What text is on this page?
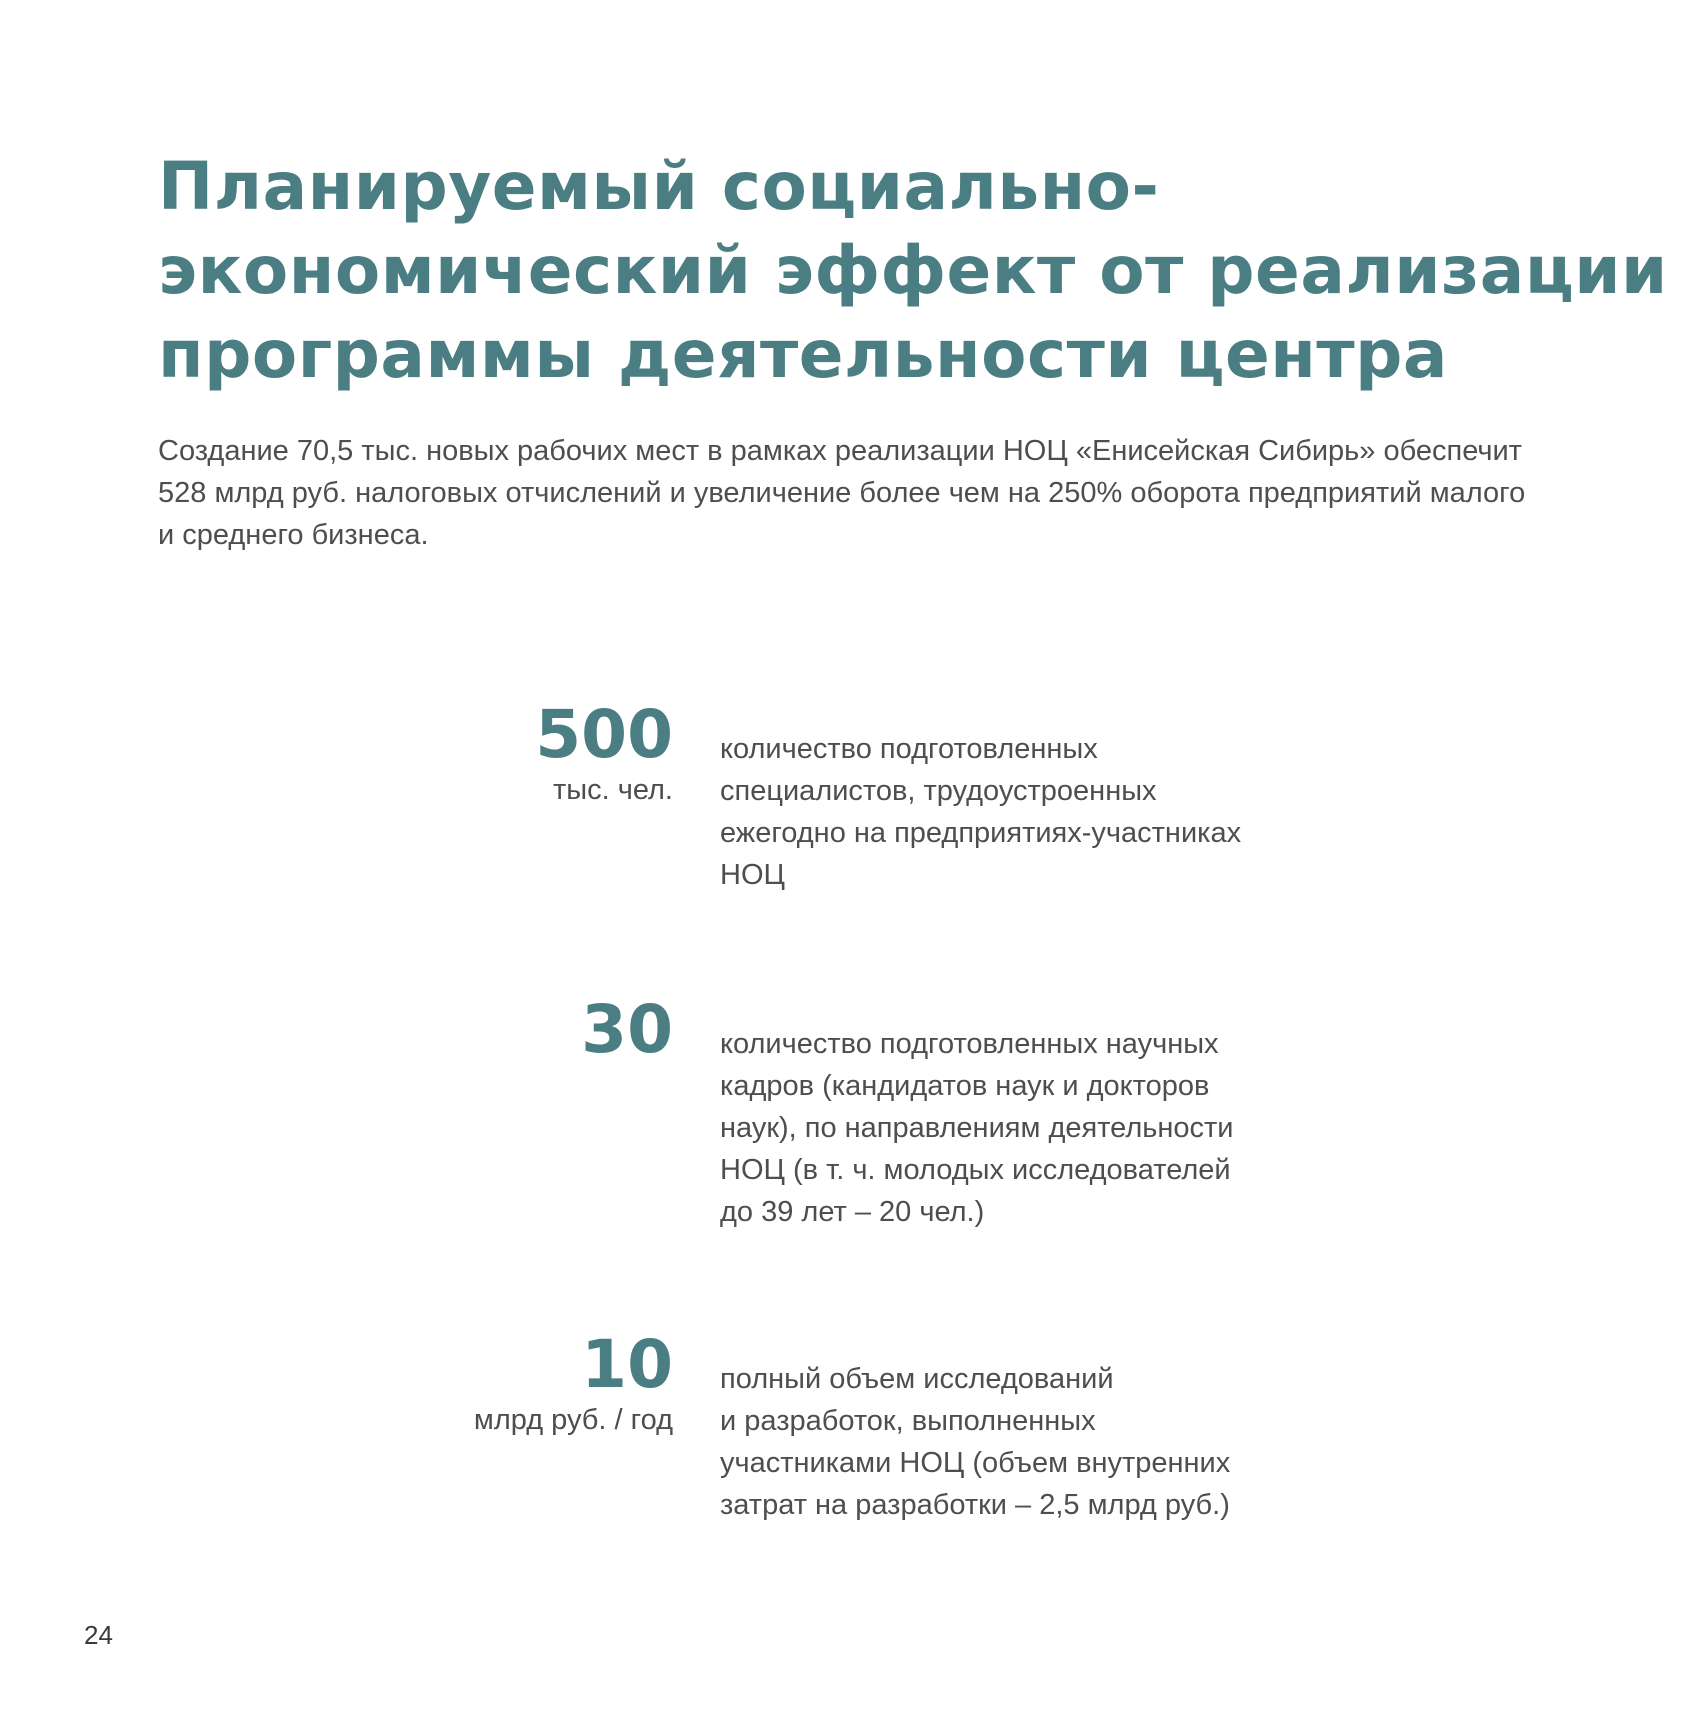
Планируемый социально-
экономический эффект от реализации
программы деятельности центра

Создание 70,5 тыс. новых рабочих мест в рамках реализации НОЦ «Енисейская Сибирь» обеспечит
528 млрд руб. налоговых отчислений и увеличение более чем на 250% оборота предприятий малого
и среднего бизнеса.

500
тыс. чел.
количество подготовленных
специалистов, трудоустроенных
ежегодно на предприятиях-участниках
НОЦ
30 количество подготовленных научных
кадров (кандидатов наук и докторов
наук), по направлениям деятельности
НОЦ (в т. ч. молодых исследователей
до 39 лет – 20 чел.)
10
млрд руб. / год
полный объем исследований
и разработок, выполненных
участниками НОЦ (объем внутренних
затрат на разработки – 2,5 млрд руб.)
24
